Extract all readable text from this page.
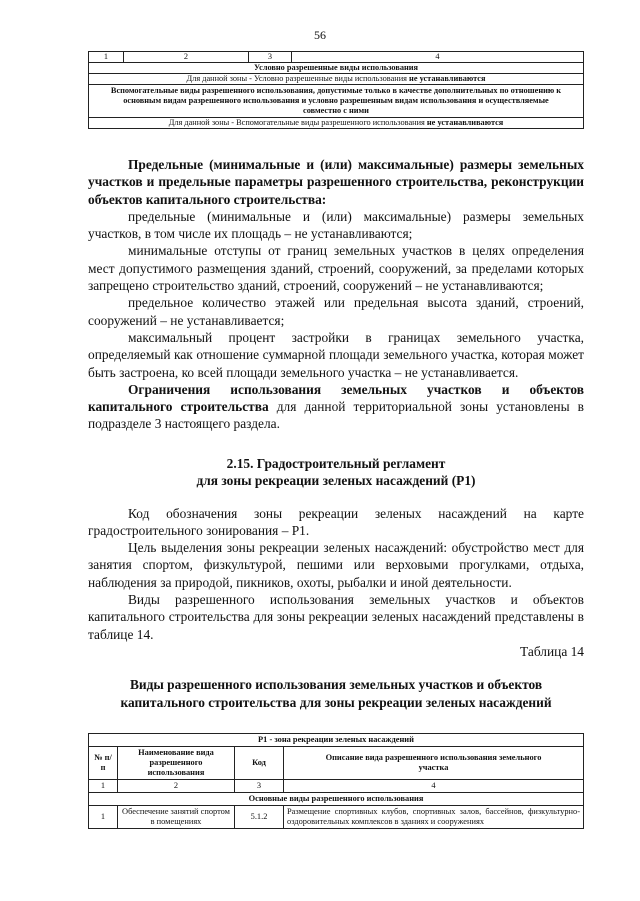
56
1	2	3	4
Условно разрешенные виды использования
Для данной зоны - Условно разрешенные виды использования не устанавливаются
Вспомогательные виды разрешенного использования, допустимые только в качестве дополнительных по отношению к основным видам разрешенного использования и условно разрешенным видам использования и осуществляемые совместно с ними
Для данной зоны - Вспомогательные виды разрешенного использования не устанавливаются

Предельные (минимальные и (или) максимальные) размеры земельных участков и предельные параметры разрешенного строительства, реконструкции объектов капитального строительства:

предельные (минимальные и (или) максимальные) размеры земельных участков, в том числе их площадь – не устанавливаются;

минимальные отступы от границ земельных участков в целях определения мест допустимого размещения зданий, строений, сооружений, за пределами которых запрещено строительство зданий, строений, сооружений – не устанавливаются;

предельное количество этажей или предельная высота зданий, строений, сооружений – не устанавливается;

максимальный процент застройки в границах земельного участка, определяемый как отношение суммарной площади земельного участка, которая может быть застроена, ко всей площади земельного участка – не устанавливается.

Ограничения использования земельных участков и объектов капитального строительства для данной территориальной зоны установлены в подразделе 3 настоящего раздела.

2.15. Градостроительный регламент

для зоны рекреации зеленых насаждений (Р1)

Код обозначения зоны рекреации зеленых насаждений на карте градостроительного зонирования – Р1.

Цель выделения зоны рекреации зеленых насаждений: обустройство мест для занятия спортом, физкультурой, пешими или верховыми прогулками, отдыха, наблюдения за природой, пикников, охоты, рыбалки и иной деятельности.

Виды разрешенного использования земельных участков и объектов капитального строительства для зоны рекреации зеленых насаждений представлены в таблице 14.

Таблица 14

Виды разрешенного использования земельных участков и объектов капитального строительства для зоны рекреации зеленых насаждений

Р1 - зона рекреации зеленых насаждений			
№ п/п	Наименование вида разрешенного использования	Код	Описание вида разрешенного использования земельного участка
1	2	3	4
Основные виды разрешенного использования			
1	Обеспечение занятий спортом в помещениях	5.1.2	Размещение спортивных клубов, спортивных залов, бассейнов, физкультурно-оздоровительных комплексов в зданиях и сооружениях
